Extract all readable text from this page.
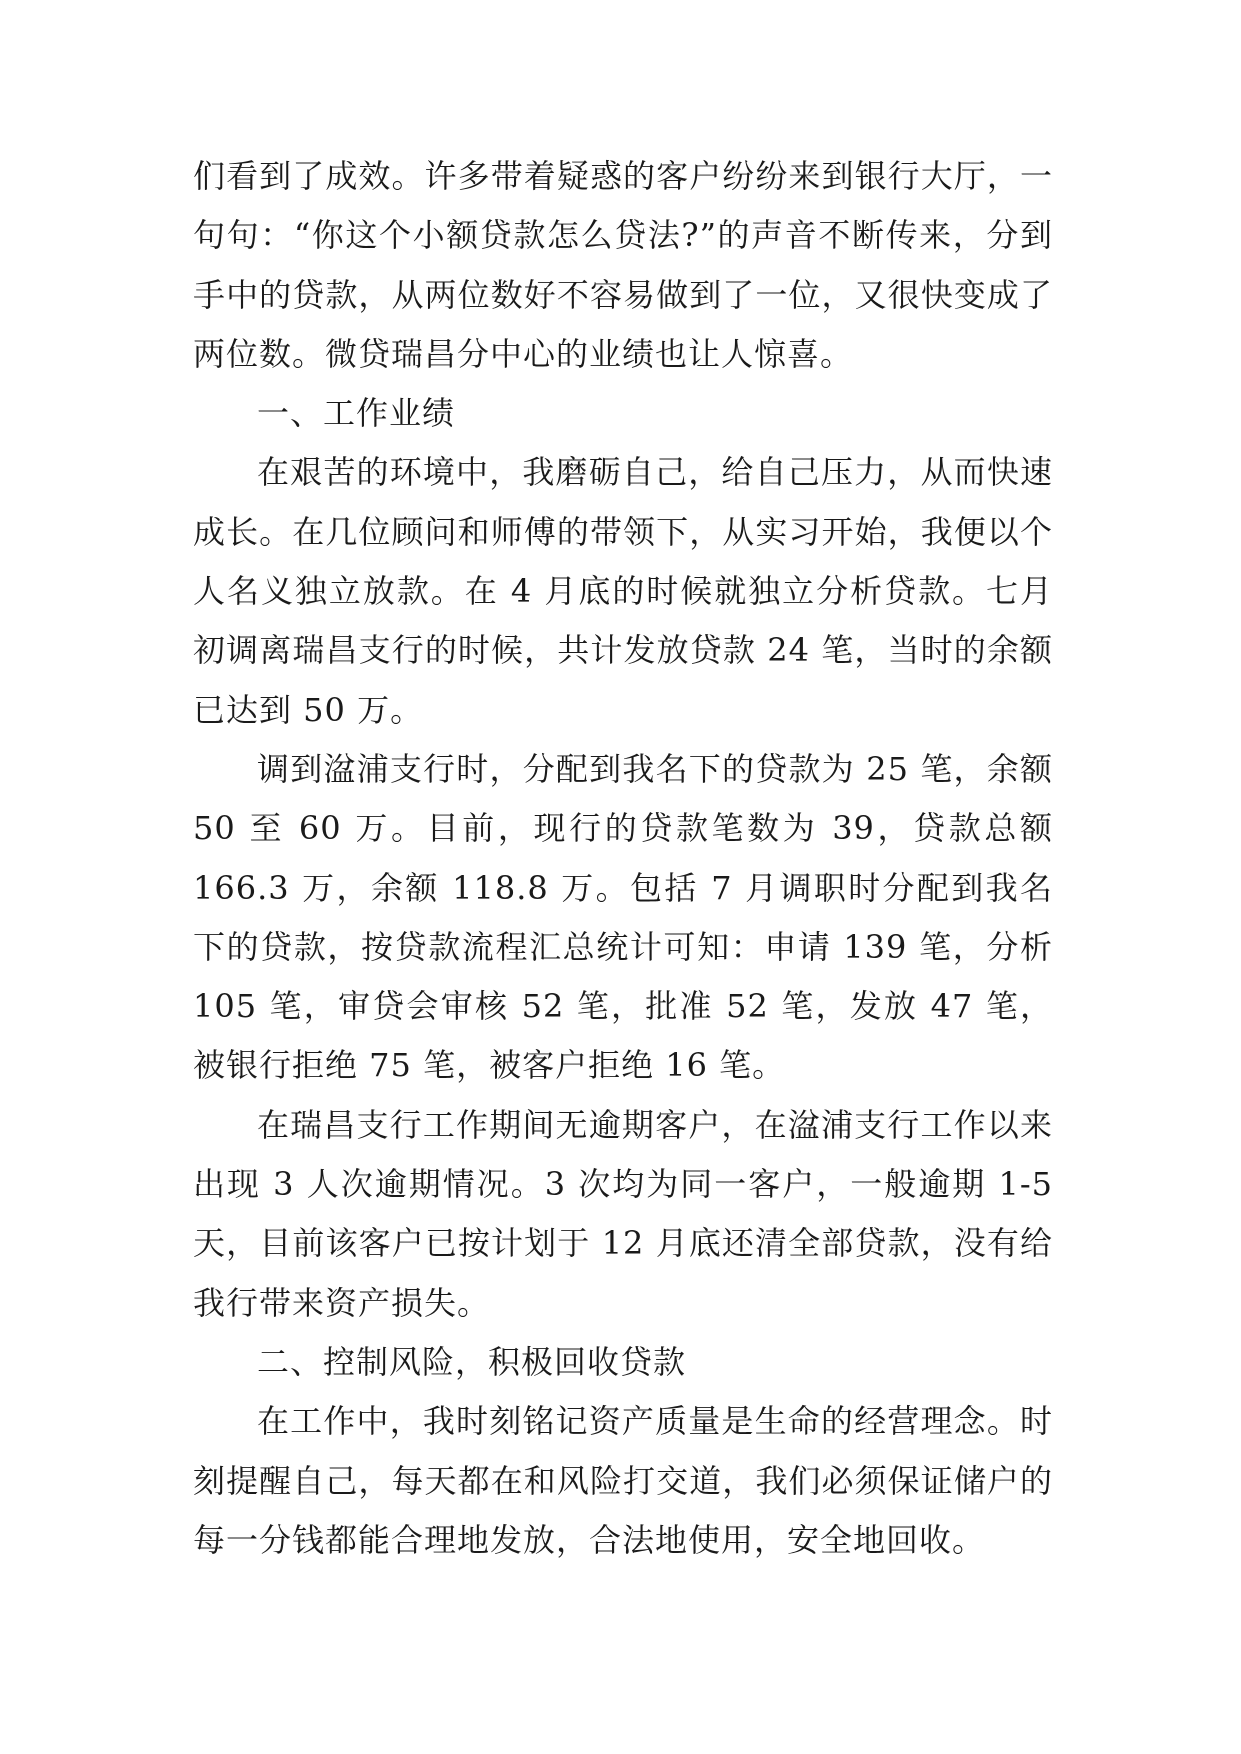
们看到了成效。许多带着疑惑的客户纷纷来到银行大厅，一句句：“你这个小额贷款怎么贷法?”的声音不断传来，分到手中的贷款，从两位数好不容易做到了一位，又很快变成了两位数。微贷瑞昌分中心的业绩也让人惊喜。

一、工作业绩

在艰苦的环境中，我磨砺自己，给自己压力，从而快速成长。在几位顾问和师傅的带领下，从实习开始，我便以个人名义独立放款。在 4 月底的时候就独立分析贷款。七月初调离瑞昌支行的时候，共计发放贷款 24 笔，当时的余额已达到 50 万。

调到湓浦支行时，分配到我名下的贷款为 25 笔，余额 50 至 60 万。目前，现行的贷款笔数为 39，贷款总额 166.3 万，余额 118.8 万。包括 7 月调职时分配到我名下的贷款，按贷款流程汇总统计可知：申请 139 笔，分析 105 笔，审贷会审核 52 笔，批准 52 笔，发放 47 笔，被银行拒绝 75 笔，被客户拒绝 16 笔。

在瑞昌支行工作期间无逾期客户，在湓浦支行工作以来出现 3 人次逾期情况。3 次均为同一客户，一般逾期 1-5 天，目前该客户已按计划于 12 月底还清全部贷款，没有给我行带来资产损失。

二、控制风险，积极回收贷款

在工作中，我时刻铭记资产质量是生命的经营理念。时刻提醒自己，每天都在和风险打交道，我们必须保证储户的每一分钱都能合理地发放，合法地使用，安全地回收。
